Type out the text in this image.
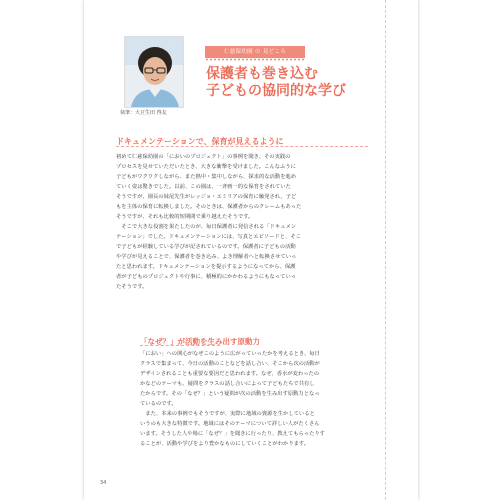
執筆：大豆生田 啓友
仁慈保幼園 の 見どころ
保護者も巻き込む
子どもの協同的な学び
ドキュメンテーションで、保育が見えるように
初めて仁慈保幼園の「においのプロジェクト」の事例を聞き、その実践の
プロセスを見せていただいたとき、大きな衝撃を受けました。こんなふうに
子どもがワクワクしながら、また熱中・集中しながら、探求的な活動を進め
ていく姿は驚きでした。以前、この園は、一斉画一的な保育をされていた
そうですが、園長の妹尾先生がレッジョ・エミリアの保育に触発され、子ど
もを主体の保育に転換しました。そのときは、保護者からのクレームもあった
そうですが、それも比較的短期間で乗り越えたそうです。
　そこで大きな役割を果たしたのが、毎日保護者に発信される「ドキュメン
テーション」でした。ドキュメンテーションには、写真とエピソードと、そこ
で子どもが経験している学びが記されているのです。保護者に子どもの活動
や学びが見えることで、保護者を巻き込み、よき理解者へと転換させていっ
たと思われます。ドキュメンテーションを提示するようになってから、保護
者が子どものプロジェクトや行事に、積極的にかかわるようにもなっていっ
たそうです。
「なぜ？」が活動を生み出す原動力
「におい」への関心がなぜこのように広がっていったかを考えるとき、毎日
クラスで集まって、今日の活動のことなどを話し合い、そこから次の活動が
デザインされることも重要な要因だと思われます。なぜ、香水が変わったの
かなどのテーマも、疑問をクラスの話し合いによって子どもたちで共有し
たからです。その「なぜ？」という疑問が次の活動を生み出す原動力となっ
ているのです。
　また、本来の事例でもそうですが、実際に地域の資源を生かしていると
いうのも大きな特徴です。地域にはそのテーマについて詳しい人がたくさん
います。そうした人や場に「なぜ？」を聞きに行ったり、教えてもらったりす
ることが、活動や学びをより豊かなものにしていくことがわかります。
34
